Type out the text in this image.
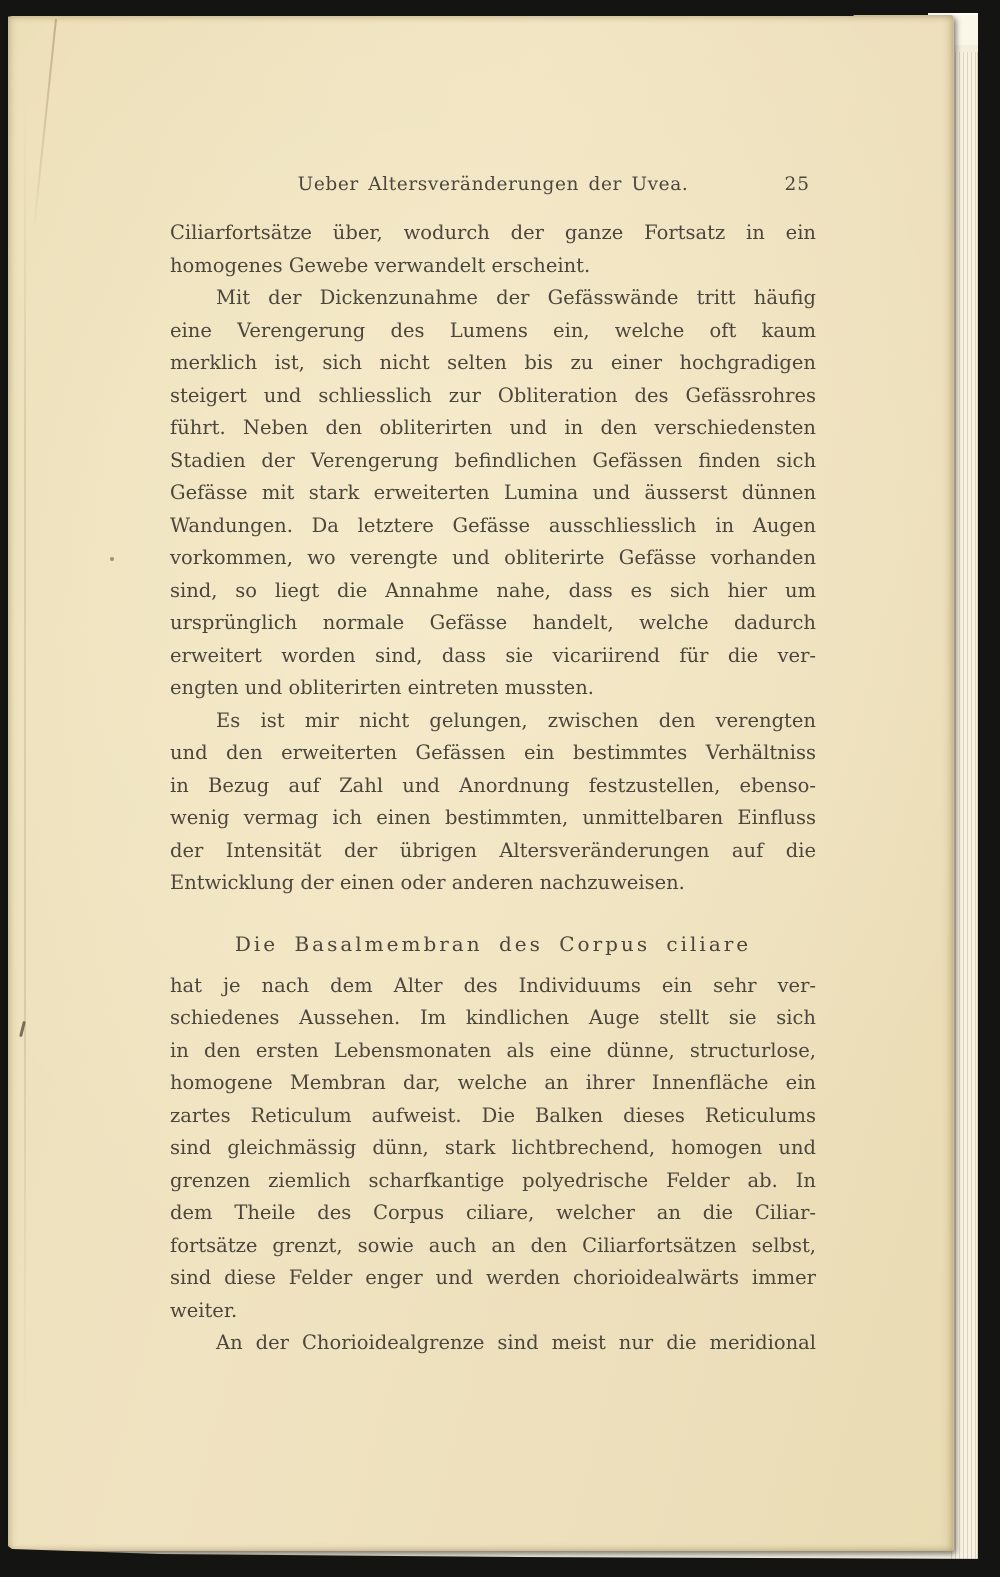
Ueber Altersveränderungen der Uvea.	25
Ciliarfortsätze über, wodurch der ganze Fortsatz in ein
homogenes Gewebe verwandelt erscheint.
Mit der Dickenzunahme der Gefässwände tritt häufig
eine Verengerung des Lumens ein, welche oft kaum
merklich ist, sich nicht selten bis zu einer hochgradigen
steigert und schliesslich zur Obliteration des Gefässrohres
führt. Neben den obliterirten und in den verschiedensten
Stadien der Verengerung befindlichen Gefässen finden sich
Gefässe mit stark erweiterten Lumina und äusserst dünnen
Wandungen. Da letztere Gefässe ausschliesslich in Augen
vorkommen, wo verengte und obliterirte Gefässe vorhanden
sind, so liegt die Annahme nahe, dass es sich hier um
ursprünglich normale Gefässe handelt, welche dadurch
erweitert worden sind, dass sie vicariirend für die ver-
engten und obliterirten eintreten mussten.
Es ist mir nicht gelungen, zwischen den verengten
und den erweiterten Gefässen ein bestimmtes Verhältniss
in Bezug auf Zahl und Anordnung festzustellen, ebenso-
wenig vermag ich einen bestimmten, unmittelbaren Einfluss
der Intensität der übrigen Altersveränderungen auf die
Entwicklung der einen oder anderen nachzuweisen.
Die Basalmembran des Corpus ciliare
hat je nach dem Alter des Individuums ein sehr ver-
schiedenes Aussehen. Im kindlichen Auge stellt sie sich
in den ersten Lebensmonaten als eine dünne, structurlose,
homogene Membran dar, welche an ihrer Innenfläche ein
zartes Reticulum aufweist. Die Balken dieses Reticulums
sind gleichmässig dünn, stark lichtbrechend, homogen und
grenzen ziemlich scharfkantige polyedrische Felder ab. In
dem Theile des Corpus ciliare, welcher an die Ciliar-
fortsätze grenzt, sowie auch an den Ciliarfortsätzen selbst,
sind diese Felder enger und werden chorioidealwärts immer
weiter.
An der Chorioidealgrenze sind meist nur die meridional
